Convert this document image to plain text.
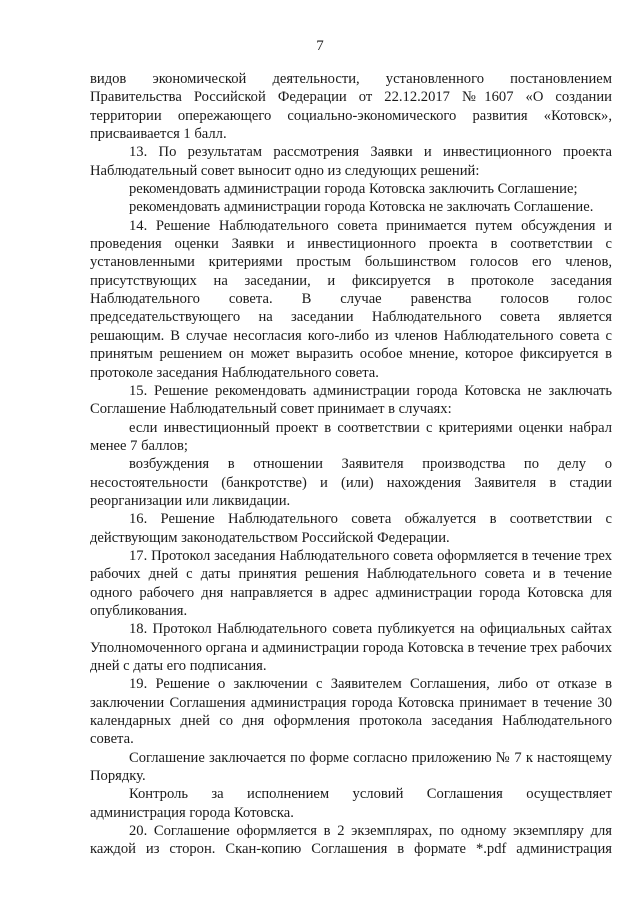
7

видов экономической деятельности, установленного постановлением Правительства Российской Федерации от 22.12.2017 №1607 «О создании территории опережающего социально-экономического развития «Котовск», присваивается 1 балл.

13. По результатам рассмотрения Заявки и инвестиционного проекта Наблюдательный совет выносит одно из следующих решений:

рекомендовать администрации города Котовска заключить Соглашение;

рекомендовать администрации города Котовска не заключать Соглашение.

14. Решение Наблюдательного совета принимается путем обсуждения и проведения оценки Заявки и инвестиционного проекта в соответствии с установленными критериями простым большинством голосов его членов, присутствующих на заседании, и фиксируется в протоколе заседания Наблюдательного совета. В случае равенства голосов голос председательствующего на заседании Наблюдательного совета является решающим. В случае несогласия кого-либо из членов Наблюдательного совета с принятым решением он может выразить особое мнение, которое фиксируется в протоколе заседания Наблюдательного совета.

15. Решение рекомендовать администрации города Котовска не заключать Соглашение Наблюдательный совет принимает в случаях:

если инвестиционный проект в соответствии с критериями оценки набрал менее 7 баллов;

возбуждения в отношении Заявителя производства по делу о несостоятельности (банкротстве) и (или) нахождения Заявителя в стадии реорганизации или ликвидации.

16. Решение Наблюдательного совета обжалуется в соответствии с действующим законодательством Российской Федерации.

17. Протокол заседания Наблюдательного совета оформляется в течение трех рабочих дней с даты принятия решения Наблюдательного совета и в течение одного рабочего дня направляется в адрес администрации города Котовска для опубликования.

18. Протокол Наблюдательного совета публикуется на официальных сайтах Уполномоченного органа и администрации города Котовска в течение трех рабочих дней с даты его подписания.

19. Решение о заключении с Заявителем Соглашения, либо от отказе в заключении Соглашения администрация города Котовска принимает в течение 30 календарных дней со дня оформления протокола заседания Наблюдательного совета.

Соглашение заключается по форме согласно приложению № 7 к настоящему Порядку.

Контроль за исполнением условий Соглашения осуществляет администрация города Котовска.

20. Соглашение оформляется в 2 экземплярах, по одному экземпляру для каждой из сторон. Скан-копию Соглашения в формате *.pdf администрация
